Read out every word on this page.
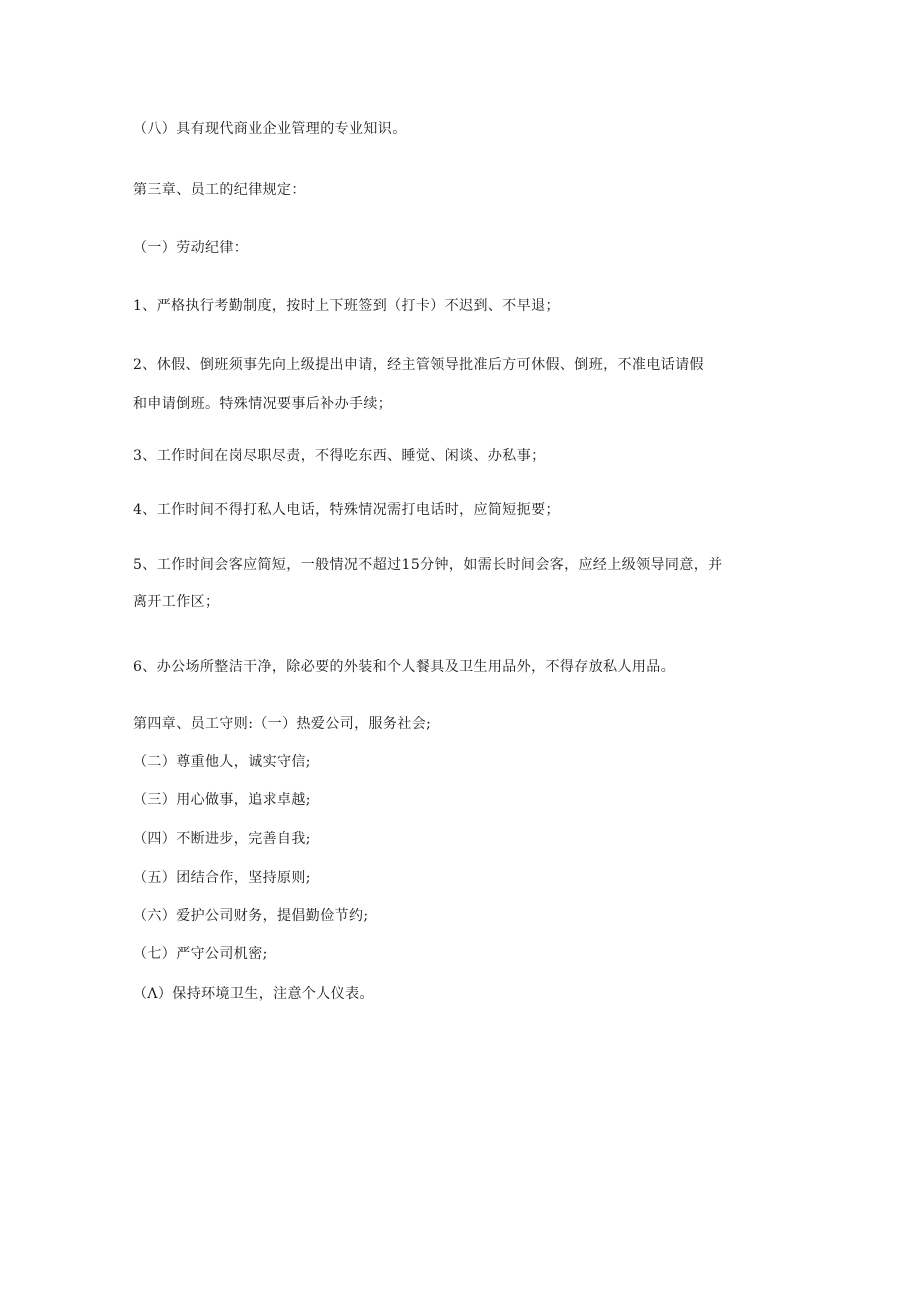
（八）具有现代商业企业管理的专业知识。
第三章、员工的纪律规定：
（一）劳动纪律：
1、严格执行考勤制度，按时上下班签到（打卡）不迟到、不早退；
2、休假、倒班须事先向上级提出申请，经主管领导批准后方可休假、倒班，不准电话请假
和申请倒班。特殊情况要事后补办手续；
3、工作时间在岗尽职尽责，不得吃东西、睡觉、闲谈、办私事；
4、工作时间不得打私人电话，特殊情况需打电话时，应简短扼要；
5、工作时间会客应简短，一般情况不超过15分钟，如需长时间会客，应经上级领导同意，并
离开工作区；
6、办公场所整洁干净，除必要的外装和个人餐具及卫生用品外，不得存放私人用品。
第四章、员工守则:（一）热爱公司，服务社会;
（二）尊重他人，诚实守信;
（三）用心做事，追求卓越;
（四）不断进步，完善自我;
（五）团结合作，坚持原则;
（六）爱护公司财务，提倡勤俭节约;
（七）严守公司机密;
（Λ）保持环境卫生，注意个人仪表。
